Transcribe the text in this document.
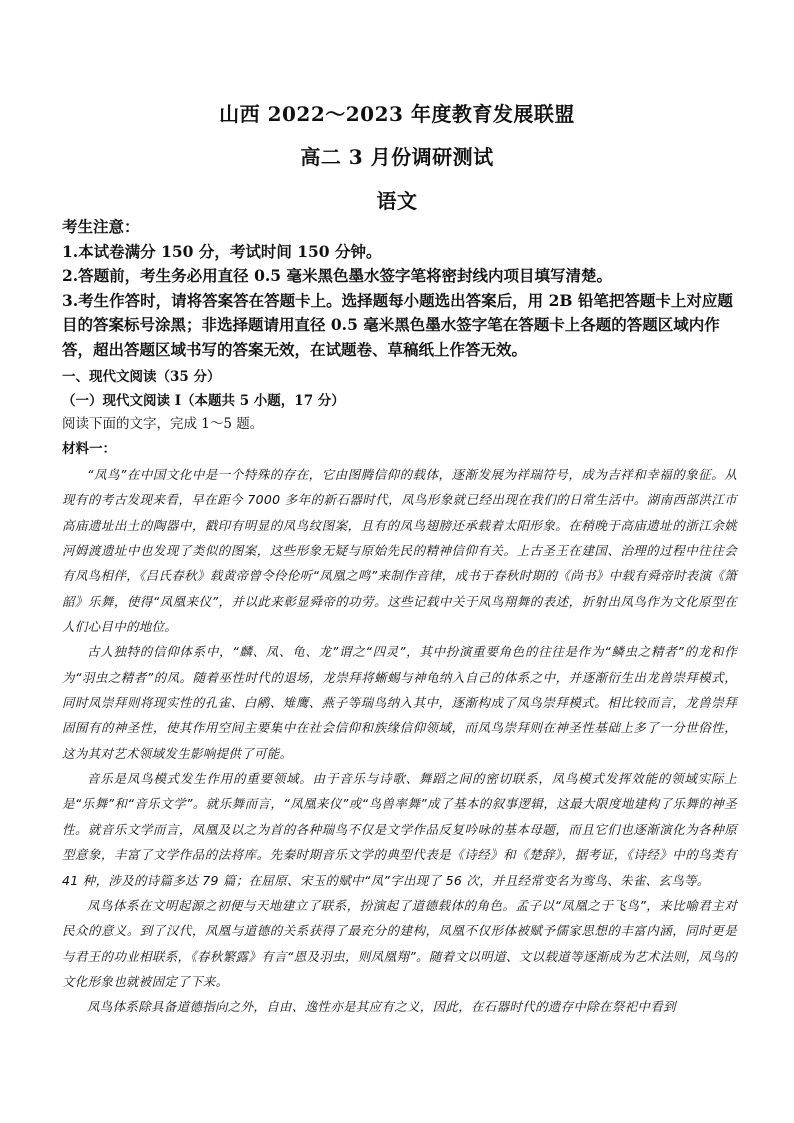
山西 2022～2023 年度教育发展联盟
高二 3 月份调研测试
语文
考生注意：
1.本试卷满分 150 分，考试时间 150 分钟。
2.答题前，考生务必用直径 0.5 毫米黑色墨水签字笔将密封线内项目填写清楚。
3.考生作答时，请将答案答在答题卡上。选择题每小题选出答案后，用 2B 铅笔把答题卡上对应题目的答案标号涂黑；非选择题请用直径 0.5 毫米黑色墨水签字笔在答题卡上各题的答题区域内作答，超出答题区域书写的答案无效，在试题卷、草稿纸上作答无效。
一、现代文阅读（35 分）
（一）现代文阅读 I（本题共 5 小题，17 分）
阅读下面的文字，完成 1～5 题。
材料一：

“凤鸟”在中国文化中是一个特殊的存在，它由图腾信仰的载体，逐渐发展为祥瑞符号，成为吉祥和幸福的象征。从现有的考古发现来看，早在距今 7000 多年的新石器时代，凤鸟形象就已经出现在我们的日常生活中。湖南西部洪江市高庙遗址出土的陶器中，戳印有明显的凤鸟纹图案，且有的凤鸟翅膀还承载着太阳形象。在稍晚于高庙遗址的浙江余姚河姆渡遗址中也发现了类似的图案，这些形象无疑与原始先民的精神信仰有关。上古圣王在建国、治理的过程中往往会有凤鸟相伴，《吕氏春秋》载黄帝曾令伶伦听“凤凰之鸣”来制作音律，成书于春秋时期的《尚书》中载有舜帝时表演《箫韶》乐舞，使得“凤凰来仪”，并以此来彰显舜帝的功劳。这些记载中关于凤鸟翔舞的表述，折射出凤鸟作为文化原型在人们心目中的地位。

古人独特的信仰体系中，“麟、凤、龟、龙”谓之“四灵”，其中扮演重要角色的往往是作为“鳞虫之精者”的龙和作为“羽虫之精者”的凤。随着巫性时代的退场，龙崇拜将蜥蜴与神龟纳入自己的体系之中，并逐渐衍生出龙兽崇拜模式，同时凤崇拜则将现实性的孔雀、白鹇、雉鹰、燕子等瑞鸟纳入其中，逐渐构成了凤鸟崇拜模式。相比较而言，龙兽崇拜固囿有的神圣性，使其作用空间主要集中在社会信仰和族缘信仰领域，而凤鸟崇拜则在神圣性基础上多了一分世俗性，这为其对艺术领域发生影响提供了可能。

音乐是凤鸟模式发生作用的重要领域。由于音乐与诗歌、舞蹈之间的密切联系，凤鸟模式发挥效能的领域实际上是“乐舞”和“音乐文学”。就乐舞而言，“凤凰来仪”或“鸟兽率舞”成了基本的叙事逻辑，这最大限度地建构了乐舞的神圣性。就音乐文学而言，凤凰及以之为首的各种瑞鸟不仅是文学作品反复吟咏的基本母题，而且它们也逐渐演化为各种原型意象，丰富了文学作品的法将库。先秦时期音乐文学的典型代表是《诗经》和《楚辞》，据考证，《诗经》中的鸟类有 41 种，涉及的诗篇多达 79 篇；在屈原、宋玉的赋中“凤”字出现了 56 次，并且经常变名为鸾鸟、朱雀、玄鸟等。

凤鸟体系在文明起源之初便与天地建立了联系，扮演起了道德载体的角色。孟子以“凤凰之于飞鸟”，来比喻君主对民众的意义。到了汉代，凤凰与道德的关系获得了最充分的建构，凤凰不仅形体被赋予儒家思想的丰富内涵，同时更是与君王的功业相联系，《春秋繁露》有言“恩及羽虫，则凤凰翔”。随着文以明道、文以载道等逐渐成为艺术法则，凤鸟的文化形象也就被固定了下来。

凤鸟体系除具备道德指向之外，自由、逸性亦是其应有之义，因此，在石器时代的遗存中除在祭祀中看到
